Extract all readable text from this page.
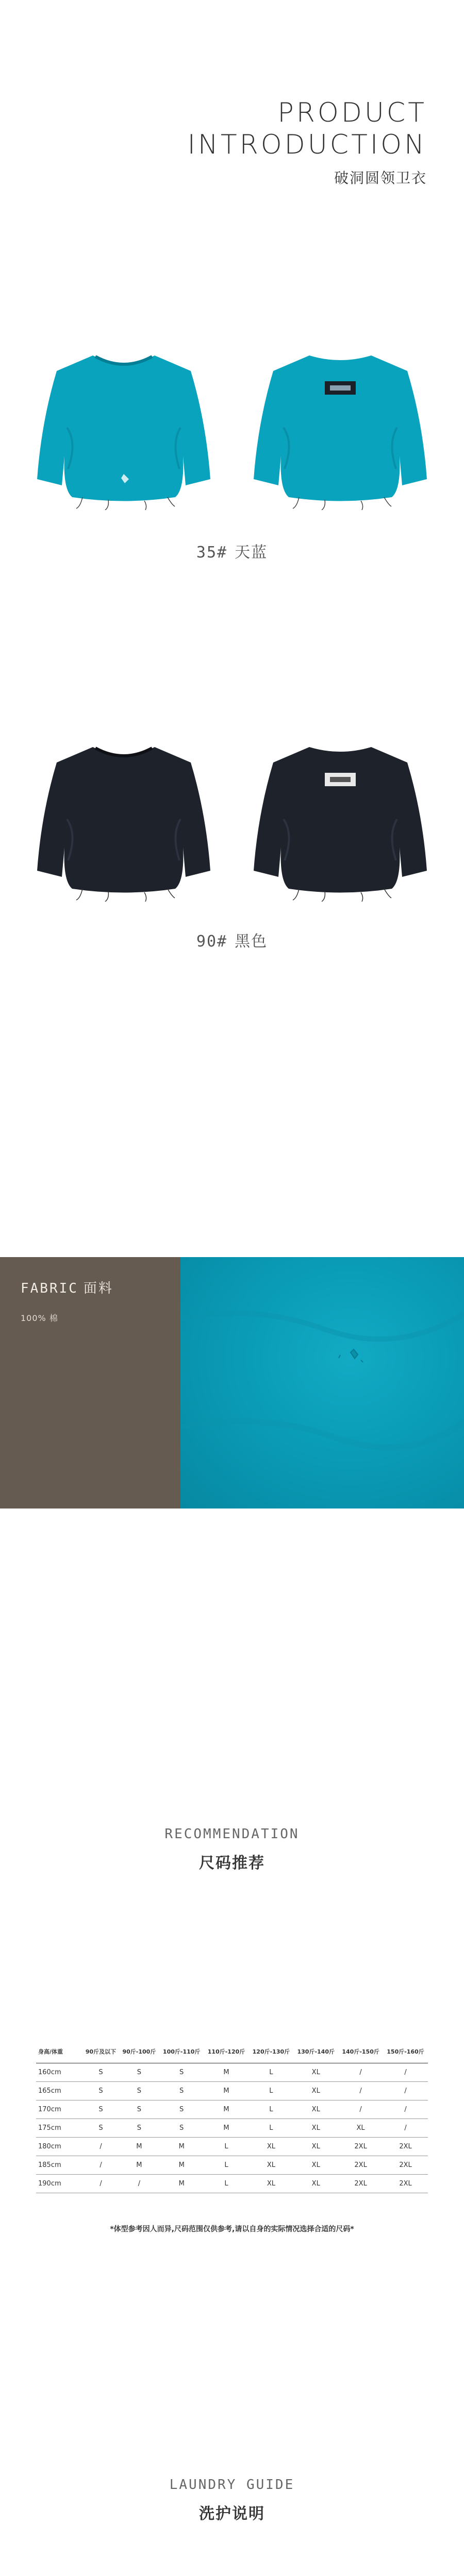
PRODUCT
INTRODUCTION
破洞圆领卫衣
35# 天蓝
90# 黑色
FABRIC 面料
100% 棉
RECOMMENDATION
尺码推荐
身高/体重	90斤及以下	90斤-100斤	100斤-110斤	110斤-120斤	120斤-130斤	130斤-140斤	140斤-150斤	150斤-160斤
160cm	S	S	S	M	L	XL	/	/
165cm	S	S	S	M	L	XL	/	/
170cm	S	S	S	M	L	XL	/	/
175cm	S	S	S	M	L	XL	XL	/
180cm	/	M	M	L	XL	XL	2XL	2XL
185cm	/	M	M	L	XL	XL	2XL	2XL
190cm	/	/	M	L	XL	XL	2XL	2XL
*体型参考因人而异,尺码范围仅供参考,请以自身的实际情况选择合适的尺码*
LAUNDRY GUIDE
洗护说明
